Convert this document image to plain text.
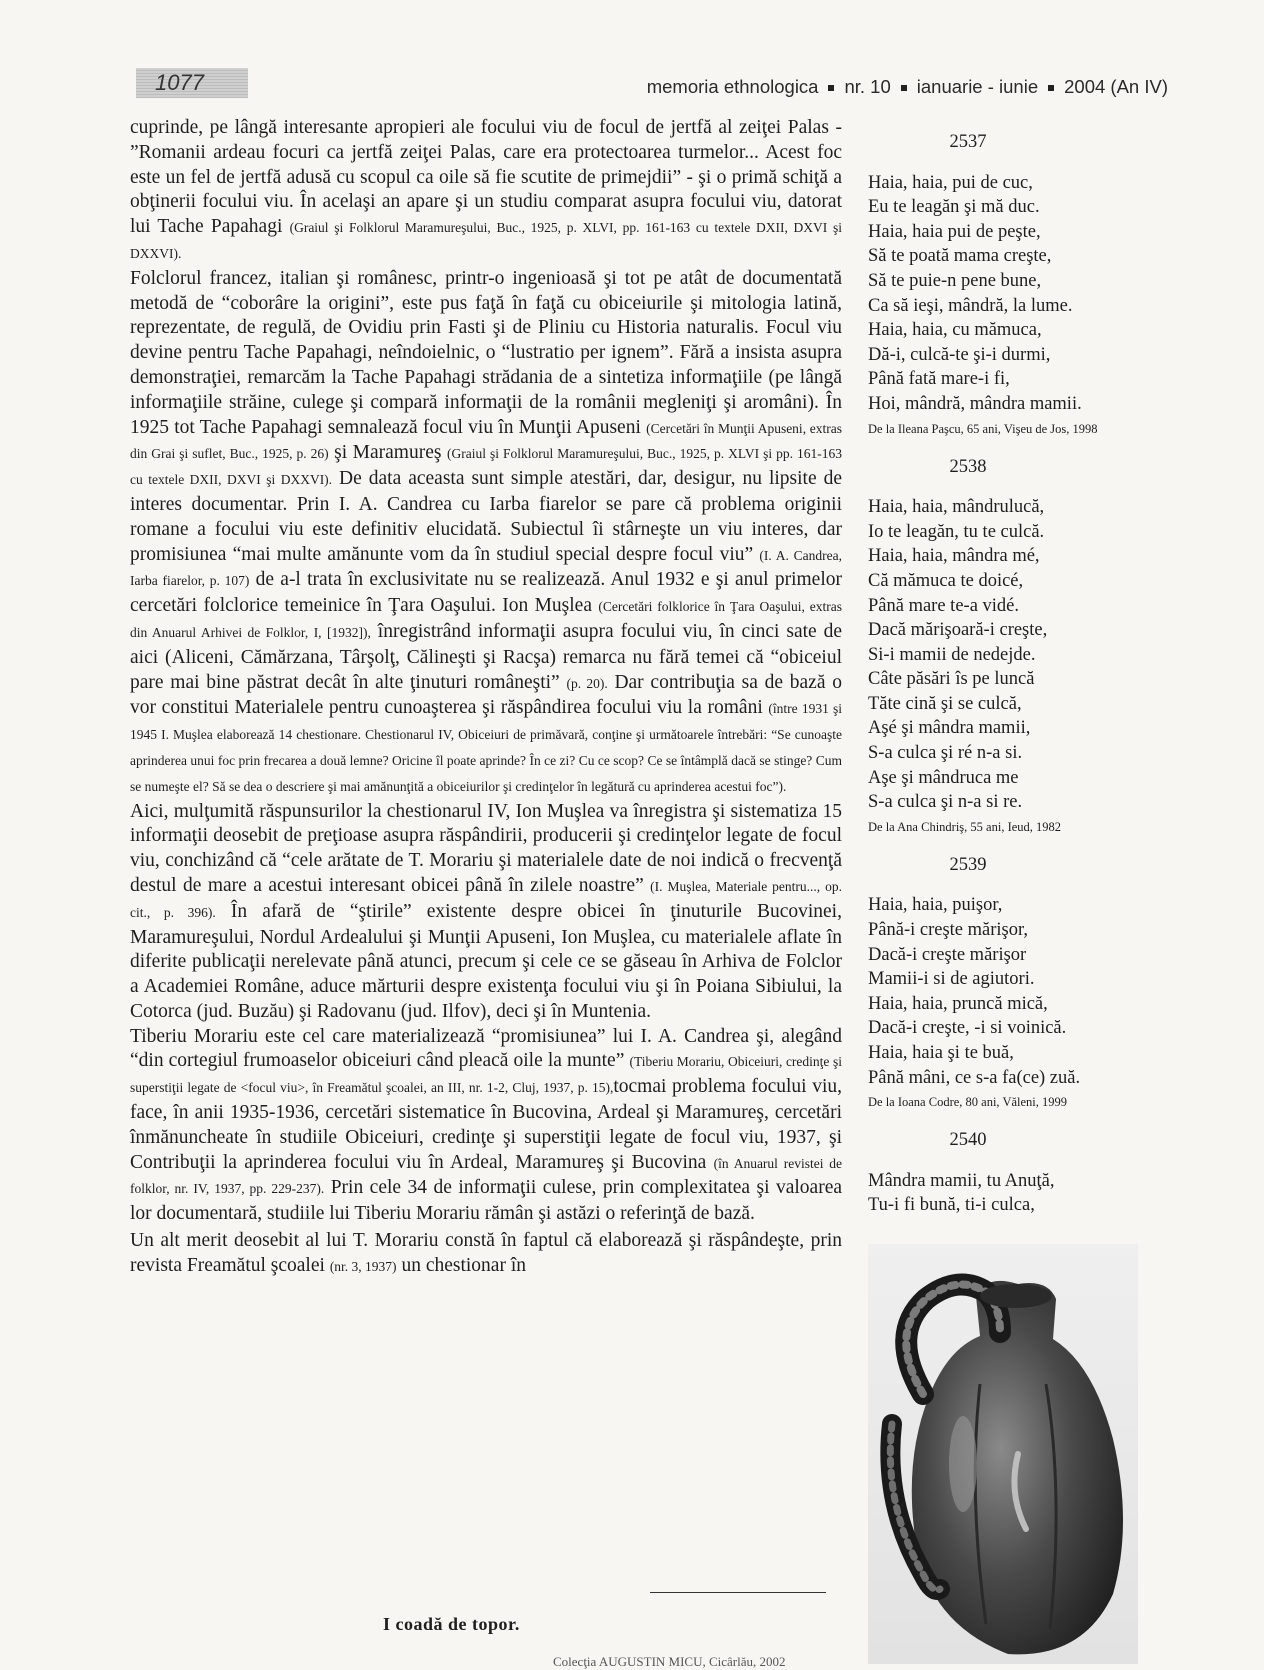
1077	memoria ethnologica nr. 10 ianuarie - iunie 2004 (An IV)

cuprinde, pe lângă interesante apropieri ale focului viu de focul de jertfă al zeiţei Palas - ”Romanii ardeau focuri ca jertfă zeiţei Palas, care era protectoarea turmelor... Acest foc este un fel de jertfă adusă cu scopul ca oile să fie scutite de primejdii” - şi o primă schiţă a obţinerii focului viu. În acelaşi an apare şi un studiu comparat asupra focului viu, datorat lui Tache Papahagi (Graiul şi Folklorul Maramureşului, Buc., 1925, p. XLVI, pp. 161-163 cu textele DXII, DXVI şi DXXVI).

Folclorul francez, italian şi românesc, printr-o ingenioasă şi tot pe atât de documentată metodă de “coborâre la origini”, este pus faţă în faţă cu obiceiurile şi mitologia latină, reprezentate, de regulă, de Ovidiu prin Fasti şi de Pliniu cu Historia naturalis. Focul viu devine pentru Tache Papahagi, neîndoielnic, o “lustratio per ignem”. Fără a insista asupra demonstraţiei, remarcăm la Tache Papahagi strădania de a sintetiza informaţiile (pe lângă informaţiile străine, culege şi compară informaţii de la românii megleniţi şi aromâni). În 1925 tot Tache Papahagi semnalează focul viu în Munţii Apuseni (Cercetări în Munţii Apuseni, extras din Grai şi suflet, Buc., 1925, p. 26) şi Maramureş (Graiul şi Folklorul Maramureşului, Buc., 1925, p. XLVI şi pp. 161-163 cu textele DXII, DXVI şi DXXVI). De data aceasta sunt simple atestări, dar, desigur, nu lipsite de interes documentar. Prin I. A. Candrea cu Iarba fiarelor se pare că problema originii romane a focului viu este definitiv elucidată. Subiectul îi stârneşte un viu interes, dar promisiunea “mai multe amănunte vom da în studiul special despre focul viu” (I. A. Candrea, Iarba fiarelor, p. 107) de a-l trata în exclusivitate nu se realizează. Anul 1932 e şi anul primelor cercetări folclorice temeinice în Ţara Oaşului. Ion Muşlea (Cercetări folklorice în Ţara Oaşului, extras din Anuarul Arhivei de Folklor, I, [1932]), înregistrând informaţii asupra focului viu, în cinci sate de aici (Aliceni, Cămărzana, Târşolţ, Călineşti şi Racşa) remarca nu fără temei că “obiceiul pare mai bine păstrat decât în alte ţinuturi româneşti” (p. 20). Dar contribuţia sa de bază o vor constitui Materialele pentru cunoaşterea şi răspândirea focului viu la români (între 1931 şi 1945 I. Muşlea elaborează 14 chestionare. Chestionarul IV, Obiceiuri de primăvară, conţine şi următoarele întrebări: “Se cunoaşte aprinderea unui foc prin frecarea a două lemne? Oricine îl poate aprinde? În ce zi? Cu ce scop? Ce se întâmplă dacă se stinge? Cum se numeşte el? Să se dea o descriere şi mai amănunţită a obiceiurilor şi credinţelor în legătură cu aprinderea acestui foc”).

Aici, mulţumită răspunsurilor la chestionarul IV, Ion Muşlea va înregistra şi sistematiza 15 informaţii deosebit de preţioase asupra răspândirii, producerii şi credinţelor legate de focul viu, conchizând că “cele arătate de T. Morariu şi materialele date de noi indică o frecvenţă destul de mare a acestui interesant obicei până în zilele noastre” (I. Muşlea, Materiale pentru..., op. cit., p. 396). În afară de “ştirile” existente despre obicei în ţinuturile Bucovinei, Maramureşului, Nordul Ardealului şi Munţii Apuseni, Ion Muşlea, cu materialele aflate în diferite publicaţii nerelevate până atunci, precum şi cele ce se găseau în Arhiva de Folclor a Academiei Române, aduce mărturii despre existenţa focului viu şi în Poiana Sibiului, la Cotorca (jud. Buzău) şi Radovanu (jud. Ilfov), deci şi în Muntenia.

Tiberiu Morariu este cel care materializează “promisiunea” lui I. A. Candrea şi, alegând “din cortegiul frumoaselor obiceiuri când pleacă oile la munte” (Tiberiu Morariu, Obiceiuri, credinţe şi superstiţii legate de <focul viu>, în Freamătul şcoalei, an III, nr. 1-2, Cluj, 1937, p. 15),tocmai problema focului viu, face, în anii 1935-1936, cercetări sistematice în Bucovina, Ardeal şi Maramureş, cercetări înmănuncheate în studiile Obiceiuri, credinţe şi superstiţii legate de focul viu, 1937, şi Contribuţii la aprinderea focului viu în Ardeal, Maramureş şi Bucovina (în Anuarul revistei de folklor, nr. IV, 1937, pp. 229-237). Prin cele 34 de informaţii culese, prin complexitatea şi valoarea lor documentară, studiile lui Tiberiu Morariu rămân şi astăzi o referinţă de bază.

Un alt merit deosebit al lui T. Morariu constă în faptul că elaborează şi răspândeşte, prin revista Freamătul şcoalei (nr. 3, 1937) un chestionar în

2537

Haia, haia, pui de cuc,

Eu te leagăn şi mă duc.

Haia, haia pui de peşte,

Să te poată mama creşte,

Să te puie-n pene bune,

Ca să ieşi, mândră, la lume.

Haia, haia, cu mămuca,

Dă-i, culcă-te şi-i durmi,

Până fată mare-i fi,

Hoi, mândră, mândra mamii.

De la Ileana Paşcu, 65 ani, Vişeu de Jos, 1998

2538

Haia, haia, mândrulucă,

Io te leagăn, tu te culcă.

Haia, haia, mândra mé,

Că mămuca te doicé,

Până mare te-a vidé.

Dacă mărişoară-i creşte,

Si-i mamii de nedejde.

Câte păsări îs pe luncă

Tăte cină şi se culcă,

Aşé şi mândra mamii,

S-a culca şi ré n-a si.

Aşe şi mândruca me

S-a culca şi n-a si re.

De la Ana Chindriş, 55 ani, Ieud, 1982

2539

Haia, haia, puişor,

Până-i creşte mărişor,

Dacă-i creşte mărişor

Mamii-i si de agiutori.

Haia, haia, pruncă mică,

Dacă-i creşte, -i si voinică.

Haia, haia şi te buă,

Până mâni, ce s-a fa(ce) zuă.

De la Ioana Codre, 80 ani, Văleni, 1999

2540

Mândra mamii, tu Anuţă,

Tu-i fi bună, ti-i culca,

I coadă de topor.
Colecţia AUGUSTIN MICU, Cicârlău, 2002
